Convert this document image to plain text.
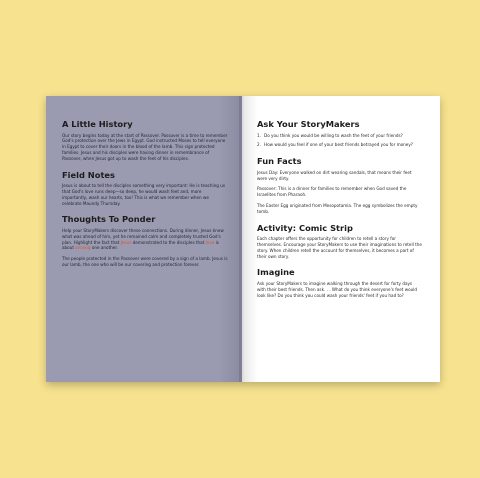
A Little History

Our story begins today at the start of Passover. Passover is a time to remember God's protection over the Jews in Egypt. God instructed Moses to tell everyone in Egypt to cover their doors in the blood of the lamb. This sign protected families. Jesus and his disciples were having dinner in remembrance of Passover, when Jesus got up to wash the feet of his disciples.

Field Notes

Jesus is about to tell the disciples something very important: He is teaching us that God's love runs deep—so deep, he would wash feet and, more importantly, wash our hearts, too! This is what we remember when we celebrate Maundy Thursday.

Thoughts To Ponder

Help your StoryMakers discover these connections. During dinner, Jesus knew what was ahead of him, yet he remained calm and completely trusted God's plan. Highlight the fact that Jesus demonstrated to the disciples that love is about serving one another.

The people protected in the Passover were covered by a sign of a lamb. Jesus is our lamb, the one who will be our covering and protection forever.

Ask Your StoryMakers
1. Do you think you would be willing to wash the feet of your friends?
2. How would you feel if one of your best friends betrayed you for money?
Fun Facts

Jesus Day: Everyone walked on dirt wearing sandals, that means their feet were very dirty.

Passover: This is a dinner for families to remember when God saved the Israelites from Pharaoh.

The Easter Egg originated from Mesopotamia. The egg symbolizes the empty tomb.

Activity: Comic Strip

Each chapter offers the opportunity for children to retell a story for themselves. Encourage your StoryMakers to use their imaginations to retell the story. When children retell the account for themselves, it becomes a part of their own story.

Imagine

Ask your StoryMakers to imagine walking through the desert for forty days with their best friends. Then ask. . . What do you think everyone's feet would look like? Do you think you could wash your friends' feet if you had to?
